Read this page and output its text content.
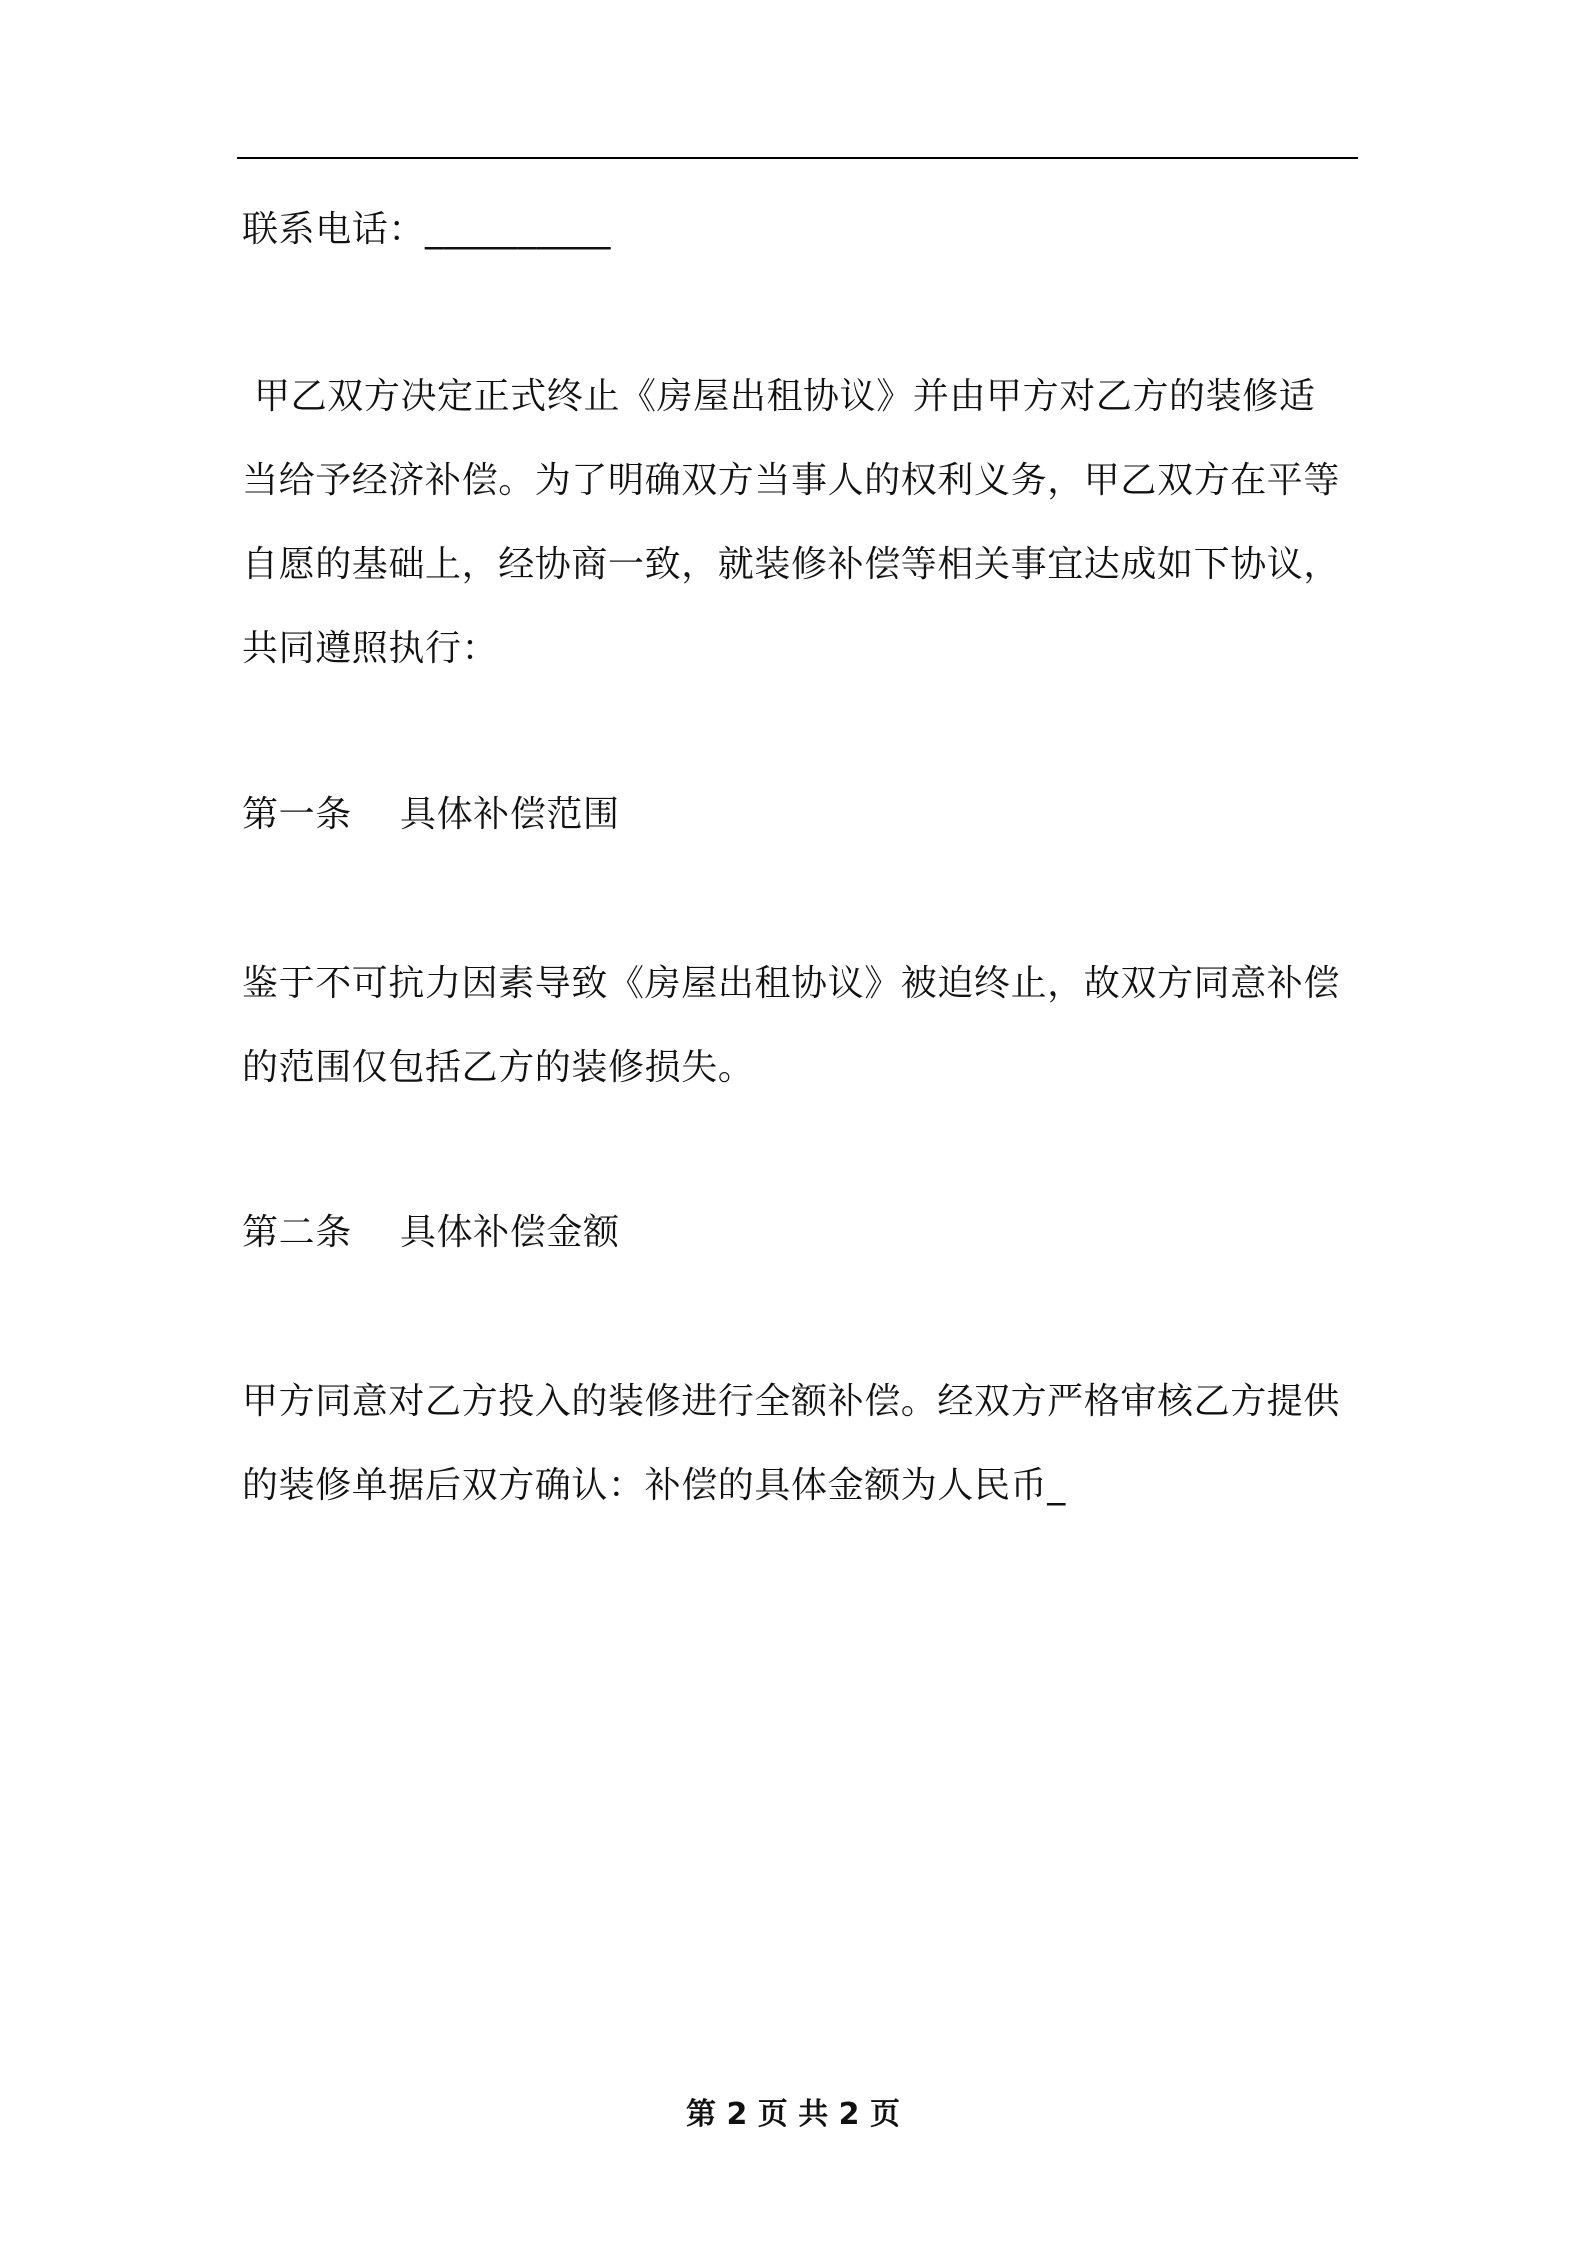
联系电话：__________
甲乙双方决定正式终止《房屋出租协议》并由甲方对乙方的装修适
当给予经济补偿。为了明确双方当事人的权利义务，甲乙双方在平等
自愿的基础上，经协商一致，就装修补偿等相关事宜达成如下协议，
共同遵照执行：
第一条    具体补偿范围
鉴于不可抗力因素导致《房屋出租协议》被迫终止，故双方同意补偿
的范围仅包括乙方的装修损失。
第二条    具体补偿金额
甲方同意对乙方投入的装修进行全额补偿。经双方严格审核乙方提供
的装修单据后双方确认：补偿的具体金额为人民币_
第 2 页 共 2 页
